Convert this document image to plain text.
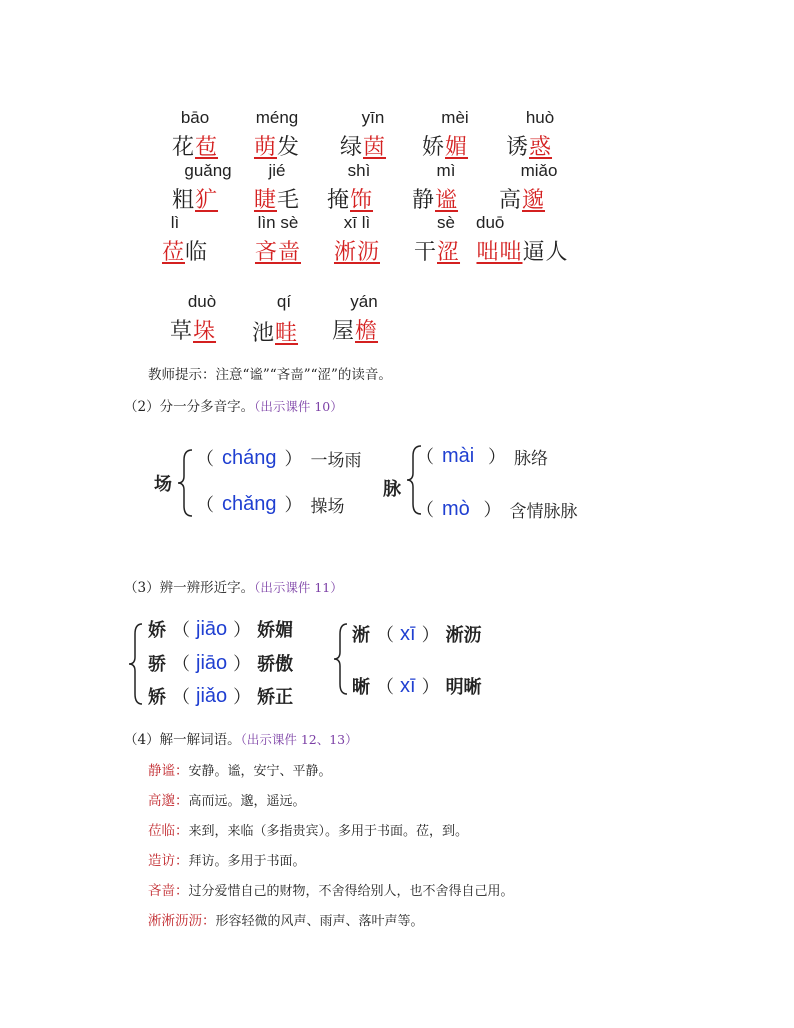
bāo
花苞
méng
萌发
yīn
绿茵
mèi
娇媚
huò
诱惑
guǎng
粗犷
jié
睫毛
shì
掩饰
mì
静谧
miǎo
高邈
lì
莅临
lìn sè
吝啬
xī lì
淅沥
sè
干涩
duō
咄咄逼人
duò
草垛
qí
池畦
yán
屋檐
教师提示：注意“谧”“吝啬”“涩”的读音。
（2）分一分多音字。（出示课件 10）
场
（ cháng ） 一场雨
（ chǎng ） 操场
脉
（ mài ） 脉络
（ mò ） 含情脉脉
（3）辨一辨形近字。（出示课件 11）
娇 （ jiāo ） 娇媚
骄 （ jiāo ） 骄傲
矫 （ jiǎo ） 矫正
淅 （ xī ） 淅沥
晰 （ xī ） 明晰
（4）解一解词语。（出示课件 12、13）
静谧：安静。谧，安宁、平静。
高邈：高而远。邈，遥远。
莅临：来到，来临（多指贵宾）。多用于书面。莅，到。
造访：拜访。多用于书面。
吝啬：过分爱惜自己的财物，不舍得给别人，也不舍得自己用。
淅淅沥沥：形容轻微的风声、雨声、落叶声等。
